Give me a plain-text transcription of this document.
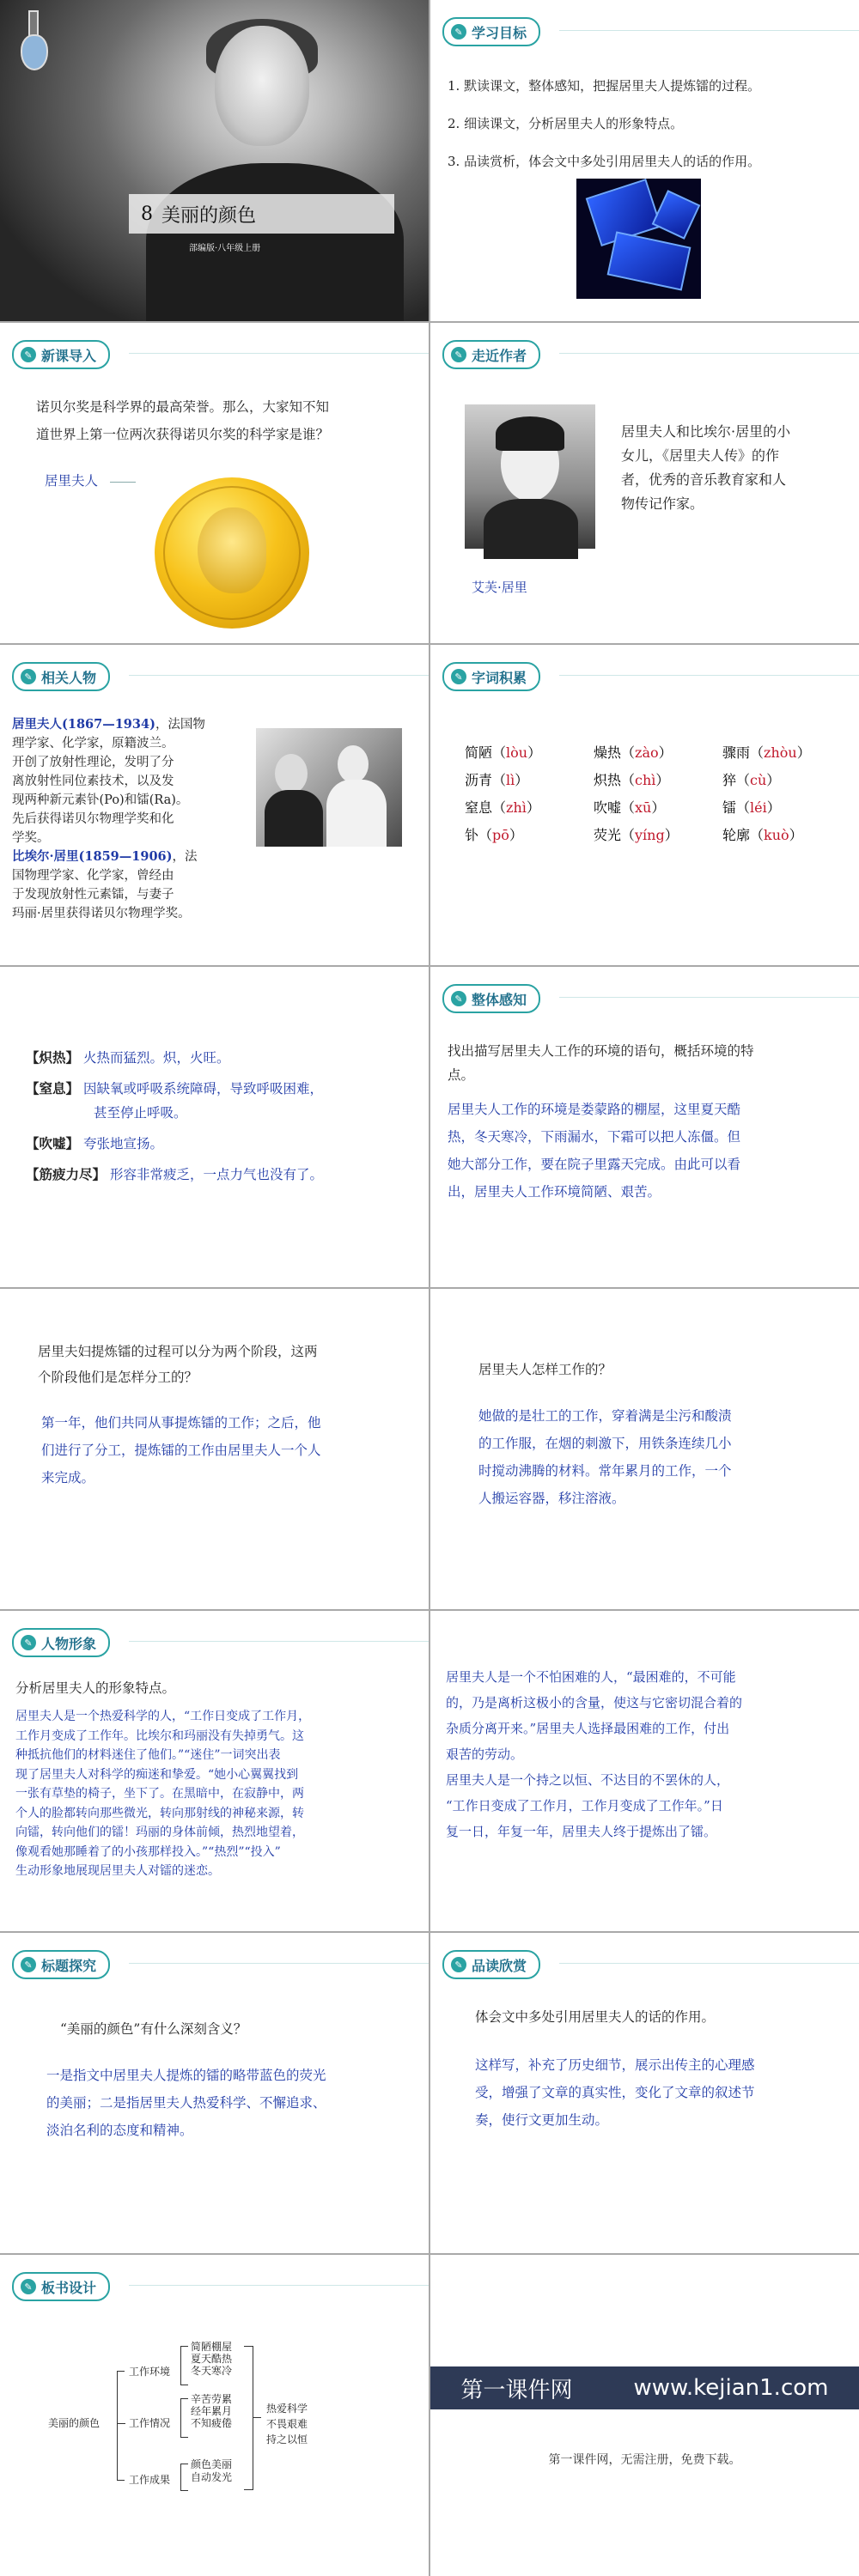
8 美丽的颜色
部编版·八年级上册
✎ 学习目标
1. 默读课文，整体感知，把握居里夫人提炼镭的过程。
2. 细读课文，分析居里夫人的形象特点。
3. 品读赏析，体会文中多处引用居里夫人的话的作用。
✎ 新课导入
诺贝尔奖是科学界的最高荣誉。那么，大家知不知
道世界上第一位两次获得诺贝尔奖的科学家是谁？
居里夫人
✎ 走近作者
居里夫人和比埃尔·居里的小
女儿，《居里夫人传》的作
者，优秀的音乐教育家和人
物传记作家。
艾芙·居里
✎ 相关人物
居里夫人(1867—1934)，法国物
理学家、化学家，原籍波兰。
开创了放射性理论，发明了分
离放射性同位素技术，以及发
现两种新元素钋(Po)和镭(Ra)。
先后获得诺贝尔物理学奖和化
学奖。
比埃尔·居里(1859—1906)，法
国物理学家、化学家，曾经由
于发现放射性元素镭，与妻子
玛丽·居里获得诺贝尔物理学奖。
✎ 字词积累
简陋（lòu）	燥热（zào）	骤雨（zhòu）
沥青（lì）	炽热（chì）	猝（cù）
窒息（zhì）	吹嘘（xū）	镭（léi）
钋（pō）	荧光（yíng）	轮廓（kuò）
【炽热】 火热而猛烈。炽，火旺。
【窒息】 因缺氧或呼吸系统障碍，导致呼吸困难，
甚至停止呼吸。
【吹嘘】 夸张地宣扬。
【筋疲力尽】 形容非常疲乏，一点力气也没有了。
✎ 整体感知
找出描写居里夫人工作的环境的语句，概括环境的特
点。
居里夫人工作的环境是娄蒙路的棚屋，这里夏天酷
热，冬天寒冷，下雨漏水，下霜可以把人冻僵。但
她大部分工作，要在院子里露天完成。由此可以看
出，居里夫人工作环境简陋、艰苦。
居里夫妇提炼镭的过程可以分为两个阶段，这两
个阶段他们是怎样分工的？
第一年，他们共同从事提炼镭的工作；之后，他
们进行了分工，提炼镭的工作由居里夫人一个人
来完成。
居里夫人怎样工作的？
她做的是壮工的工作，穿着满是尘污和酸渍
的工作服，在烟的刺激下，用铁条连续几小
时搅动沸腾的材料。常年累月的工作，一个
人搬运容器，移注溶液。
✎ 人物形象
分析居里夫人的形象特点。
居里夫人是一个热爱科学的人，“工作日变成了工作月，
工作月变成了工作年。比埃尔和玛丽没有失掉勇气。这
种抵抗他们的材料迷住了他们。”“迷住”一词突出表
现了居里夫人对科学的痴迷和挚爱。“她小心翼翼找到
一张有草垫的椅子，坐下了。在黑暗中，在寂静中，两
个人的脸都转向那些微光，转向那射线的神秘来源，转
向镭，转向他们的镭！玛丽的身体前倾，热烈地望着，
像观看她那睡着了的小孩那样投入。”“热烈”“投入”
生动形象地展现居里夫人对镭的迷恋。
居里夫人是一个不怕困难的人，“最困难的，不可能
的，乃是离析这极小的含量，使这与它密切混合着的
杂质分离开来。”居里夫人选择最困难的工作，付出
艰苦的劳动。
居里夫人是一个持之以恒、不达目的不罢休的人，
“工作日变成了工作月，工作月变成了工作年。”日
复一日，年复一年，居里夫人终于提炼出了镭。
✎ 标题探究
“美丽的颜色”有什么深刻含义？
一是指文中居里夫人提炼的镭的略带蓝色的荧光
的美丽；二是指居里夫人热爱科学、不懈追求、
淡泊名利的态度和精神。
✎ 品读欣赏
体会文中多处引用居里夫人的话的作用。
这样写，补充了历史细节，展示出传主的心理感
受，增强了文章的真实性，变化了文章的叙述节
奏，使行文更加生动。
✎ 板书设计
美丽的颜色
工作环境
工作情况
工作成果
简陋棚屋
夏天酷热
冬天寒冷
辛苦劳累
经年累月
不知疲倦
颜色美丽
自动发光
热爱科学
不畏艰难
持之以恒
第一课件网	www.kejian1.com
第一课件网，无需注册，免费下载。
